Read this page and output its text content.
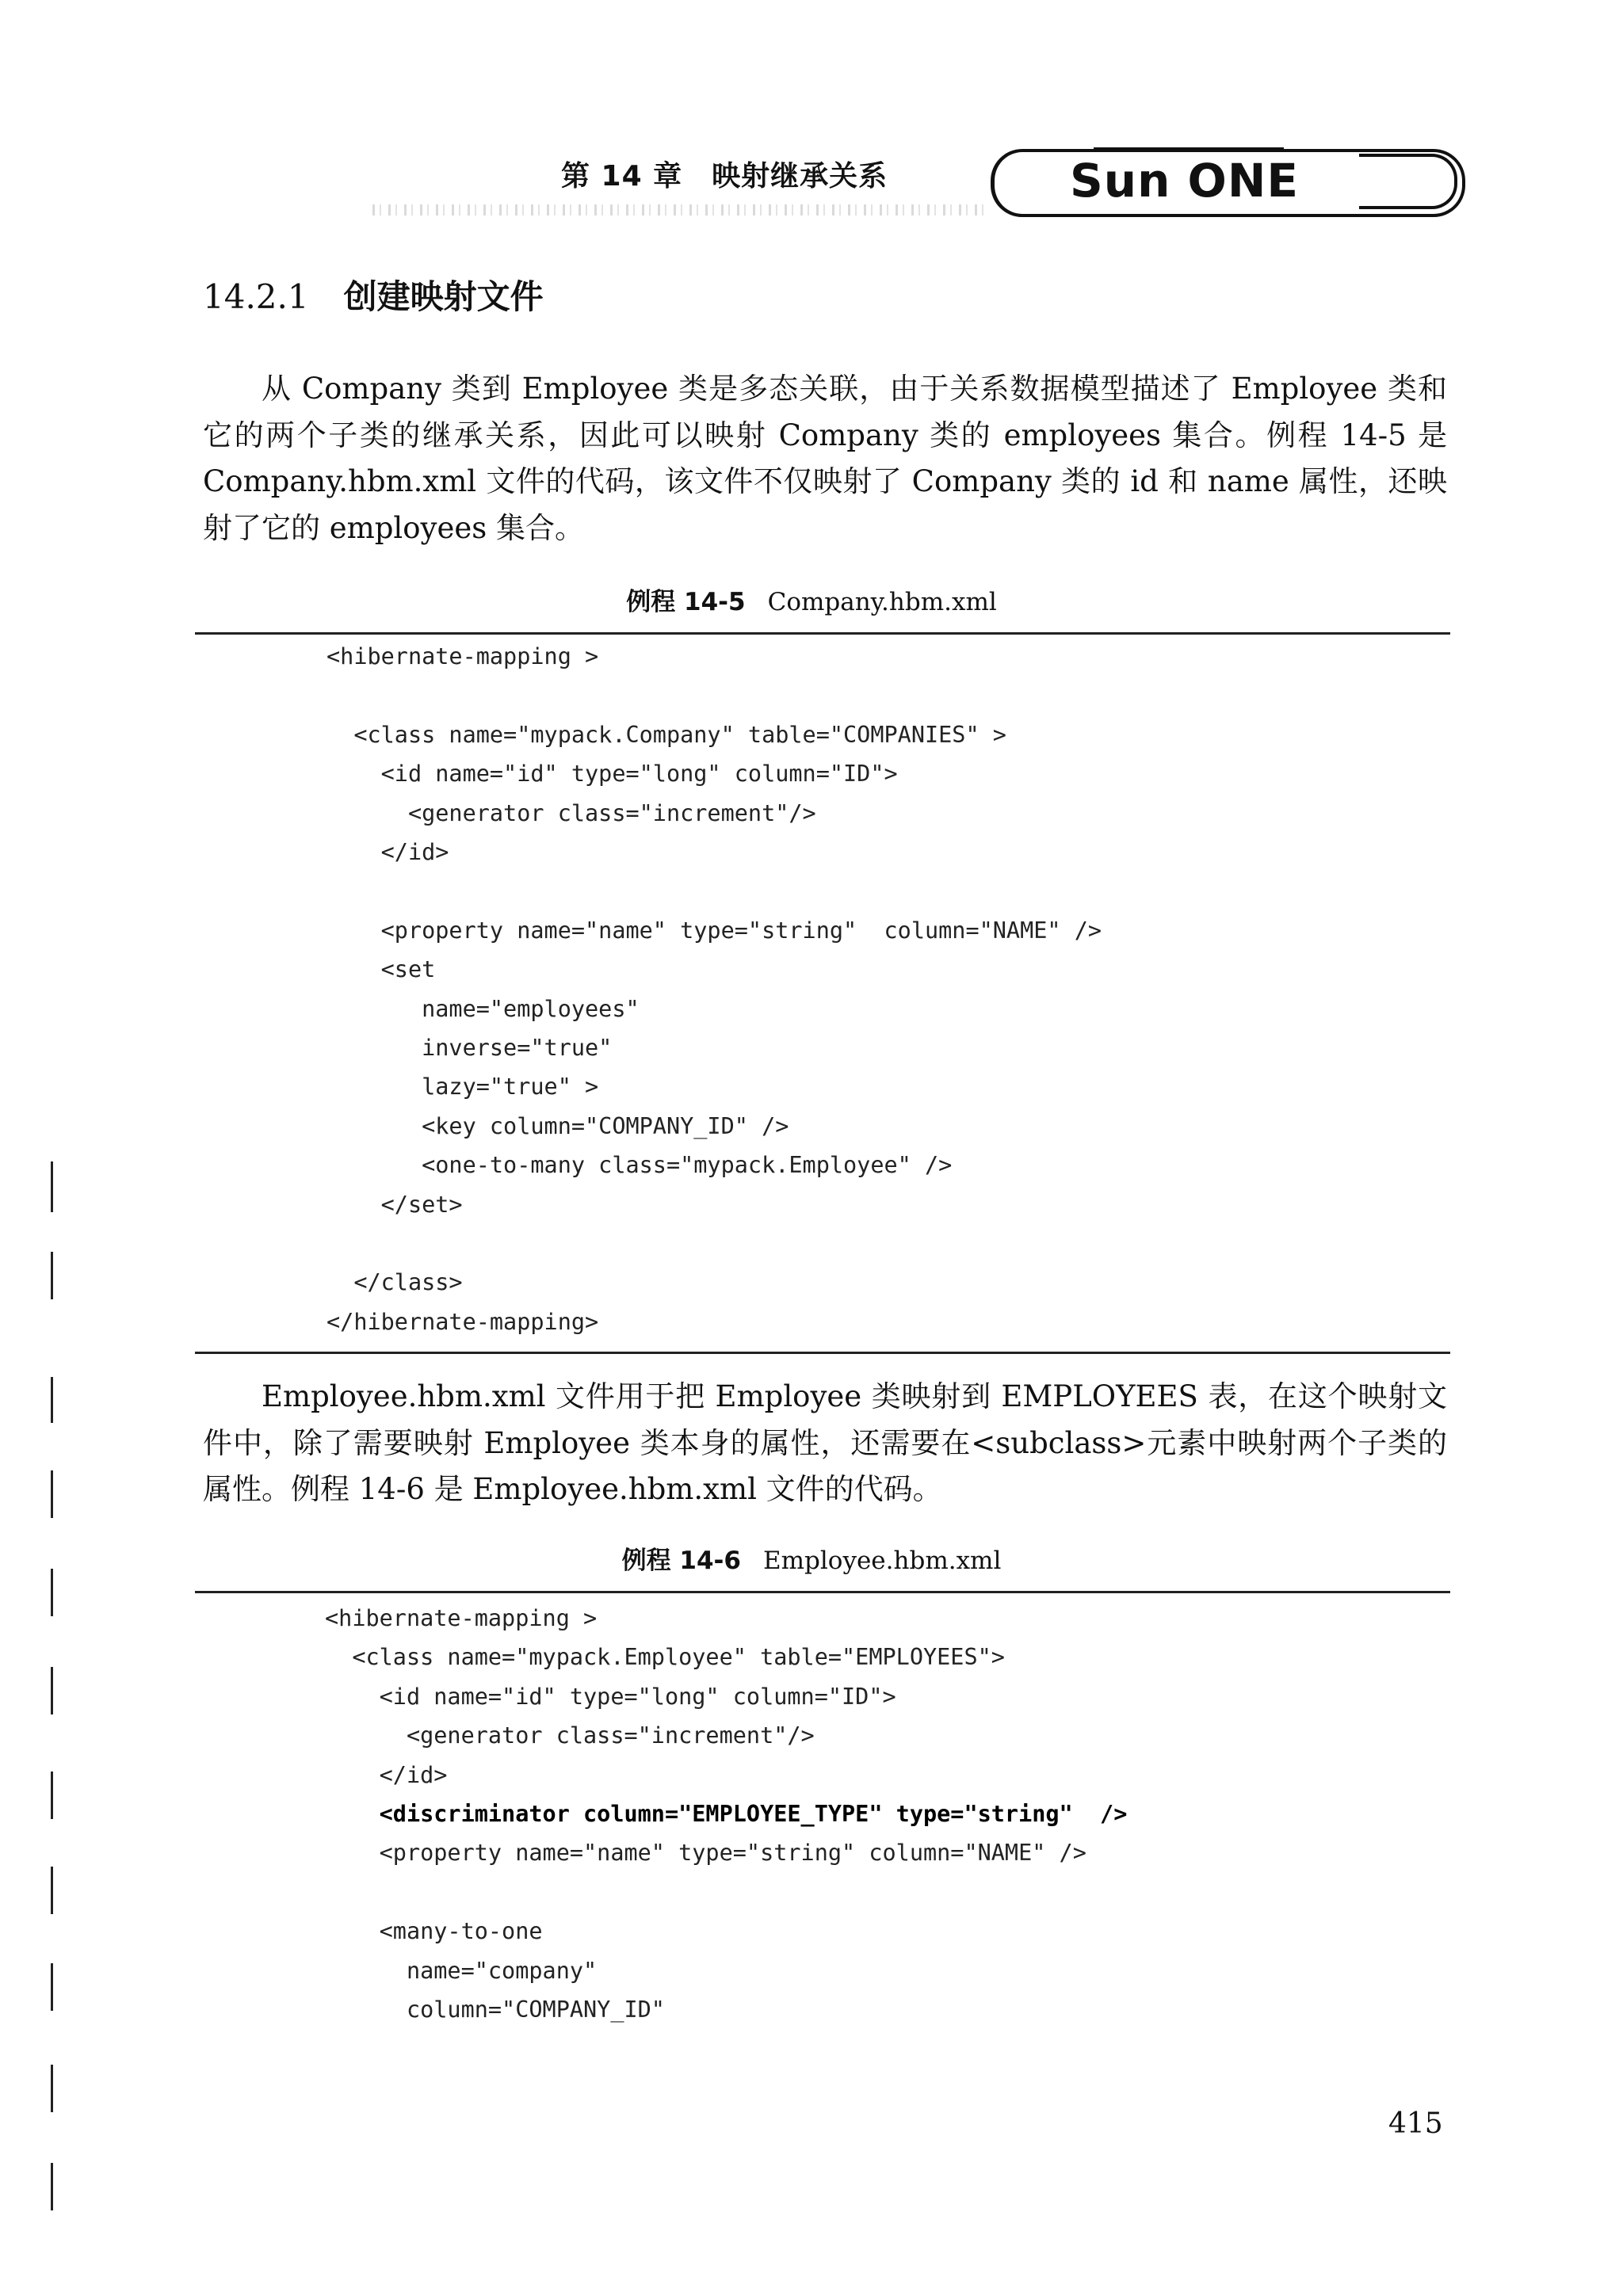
第 14 章　映射继承关系	Sun ONE
14.2.1 创建映射文件
从 Company 类到 Employee 类是多态关联，由于关系数据模型描述了 Employee 类和它的两个子类的继承关系，因此可以映射 Company 类的 employees 集合。例程 14-5 是 Company.hbm.xml 文件的代码，该文件不仅映射了 Company 类的 id 和 name 属性，还映射了它的 employees 集合。
例程 14-5 Company.hbm.xml
<hibernate-mapping >
<class name="mypack.Company" table="COMPANIES" >
<id name="id" type="long" column="ID">
<generator class="increment"/>
</id>
<property name="name" type="string"  column="NAME" />
<set
name="employees"
inverse="true"
lazy="true" >
<key column="COMPANY_ID" />
<one-to-many class="mypack.Employee" />
</set>
</class>
</hibernate-mapping>
Employee.hbm.xml 文件用于把 Employee 类映射到 EMPLOYEES 表，在这个映射文件中，除了需要映射 Employee 类本身的属性，还需要在<subclass>元素中映射两个子类的属性。例程 14-6 是 Employee.hbm.xml 文件的代码。
例程 14-6 Employee.hbm.xml
<hibernate-mapping >
<class name="mypack.Employee" table="EMPLOYEES">
<id name="id" type="long" column="ID">
<generator class="increment"/>
</id>
<discriminator column="EMPLOYEE_TYPE" type="string"  />
<property name="name" type="string" column="NAME" />
<many-to-one
name="company"
column="COMPANY_ID"
415
